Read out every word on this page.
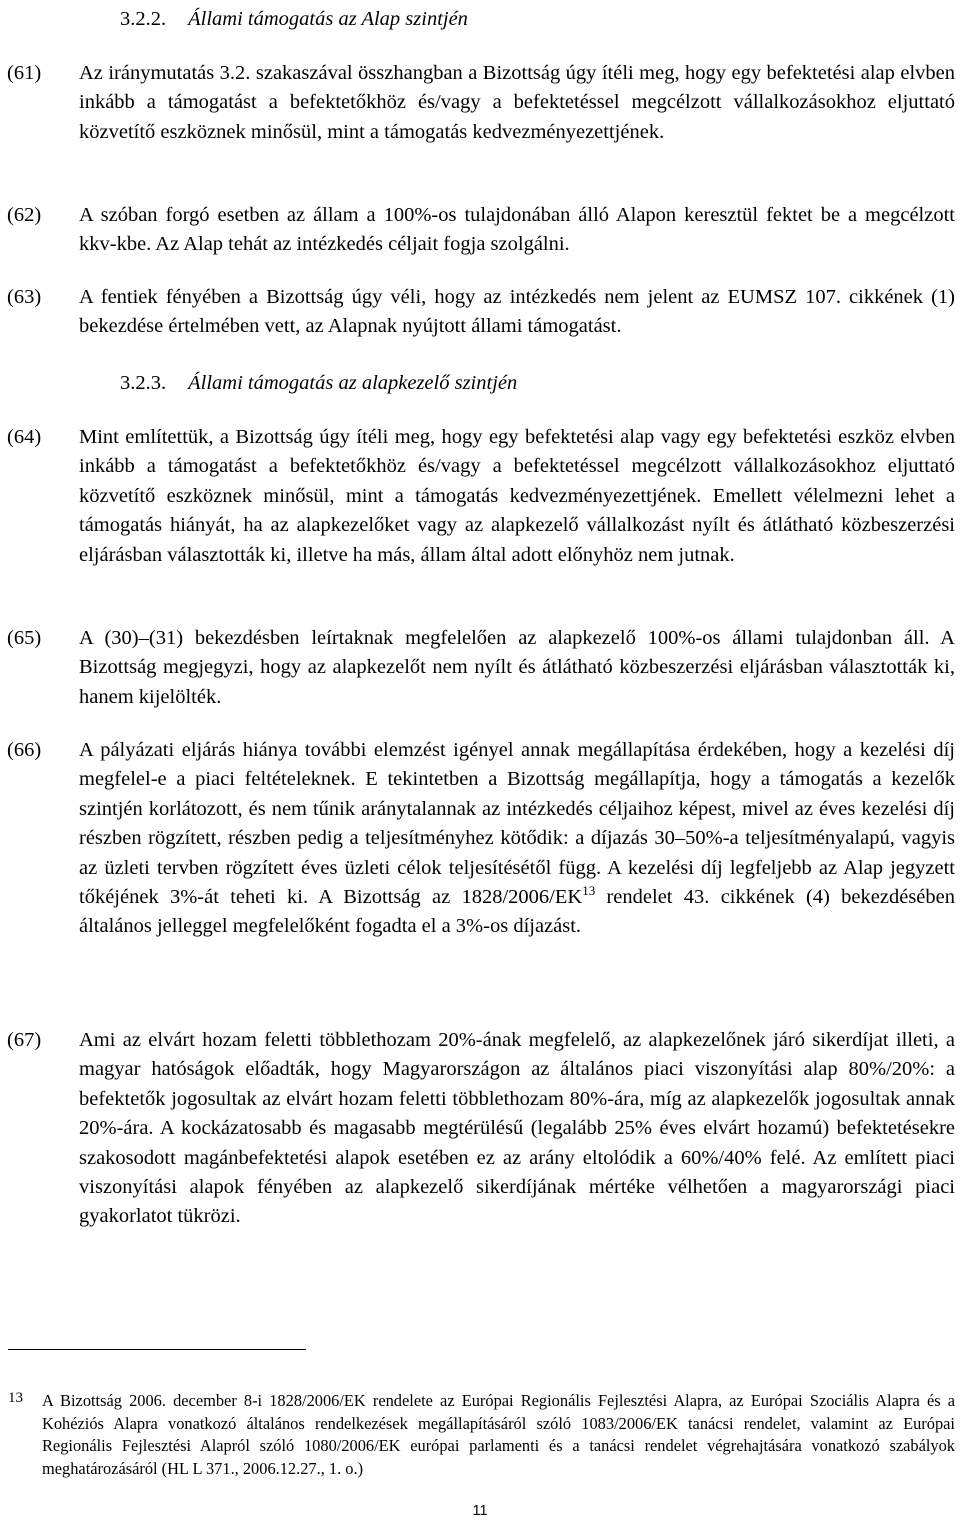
3.2.2. Állami támogatás az Alap szintjén
(61)	Az iránymutatás 3.2. szakaszával összhangban a Bizottság úgy ítéli meg, hogy egy befektetési alap elvben inkább a támogatást a befektetőkhöz és/vagy a befektetéssel megcélzott vállalkozásokhoz eljuttató közvetítő eszköznek minősül, mint a támogatás kedvezményezettjének.
(62)	A szóban forgó esetben az állam a 100%-os tulajdonában álló Alapon keresztül fektet be a megcélzott kkv-kbe. Az Alap tehát az intézkedés céljait fogja szolgálni.
(63)	A fentiek fényében a Bizottság úgy véli, hogy az intézkedés nem jelent az EUMSZ 107. cikkének (1) bekezdése értelmében vett, az Alapnak nyújtott állami támogatást.
3.2.3. Állami támogatás az alapkezelő szintjén
(64)	Mint említettük, a Bizottság úgy ítéli meg, hogy egy befektetési alap vagy egy befektetési eszköz elvben inkább a támogatást a befektetőkhöz és/vagy a befektetéssel megcélzott vállalkozásokhoz eljuttató közvetítő eszköznek minősül, mint a támogatás kedvezményezettjének. Emellett vélelmezni lehet a támogatás hiányát, ha az alapkezelőket vagy az alapkezelő vállalkozást nyílt és átlátható közbeszerzési eljárásban választották ki, illetve ha más, állam által adott előnyhöz nem jutnak.
(65)	A (30)–(31) bekezdésben leírtaknak megfelelően az alapkezelő 100%-os állami tulajdonban áll. A Bizottság megjegyzi, hogy az alapkezelőt nem nyílt és átlátható közbeszerzési eljárásban választották ki, hanem kijelölték.
(66)	A pályázati eljárás hiánya további elemzést igényel annak megállapítása érdekében, hogy a kezelési díj megfelel-e a piaci feltételeknek. E tekintetben a Bizottság megállapítja, hogy a támogatás a kezelők szintjén korlátozott, és nem tűnik aránytalannak az intézkedés céljaihoz képest, mivel az éves kezelési díj részben rögzített, részben pedig a teljesítményhez kötődik: a díjazás 30–50%-a teljesítményalapú, vagyis az üzleti tervben rögzített éves üzleti célok teljesítésétől függ. A kezelési díj legfeljebb az Alap jegyzett tőkéjének 3%-át teheti ki. A Bizottság az 1828/2006/EK$^{13}$ rendelet 43. cikkének (4) bekezdésében általános jelleggel megfelelőként fogadta el a 3%-os díjazást.
(67)	Ami az elvárt hozam feletti többlethozam 20%-ának megfelelő, az alapkezelőnek járó sikerdíjat illeti, a magyar hatóságok előadták, hogy Magyarországon az általános piaci viszonyítási alap 80%/20%: a befektetők jogosultak az elvárt hozam feletti többlethozam 80%-ára, míg az alapkezelők jogosultak annak 20%-ára. A kockázatosabb és magasabb megtérülésű (legalább 25% éves elvárt hozamú) befektetésekre szakosodott magánbefektetési alapok esetében ez az arány eltolódik a 60%/40% felé. Az említett piaci viszonyítási alapok fényében az alapkezelő sikerdíjának mértéke vélhetően a magyarországi piaci gyakorlatot tükrözi.
13 A Bizottság 2006. december 8-i 1828/2006/EK rendelete az Európai Regionális Fejlesztési Alapra, az Európai Szociális Alapra és a Kohéziós Alapra vonatkozó általános rendelkezések megállapításáról szóló 1083/2006/EK tanácsi rendelet, valamint az Európai Regionális Fejlesztési Alapról szóló 1080/2006/EK európai parlamenti és a tanácsi rendelet végrehajtására vonatkozó szabályok meghatározásáról (HL L 371., 2006.12.27., 1. o.)
11
